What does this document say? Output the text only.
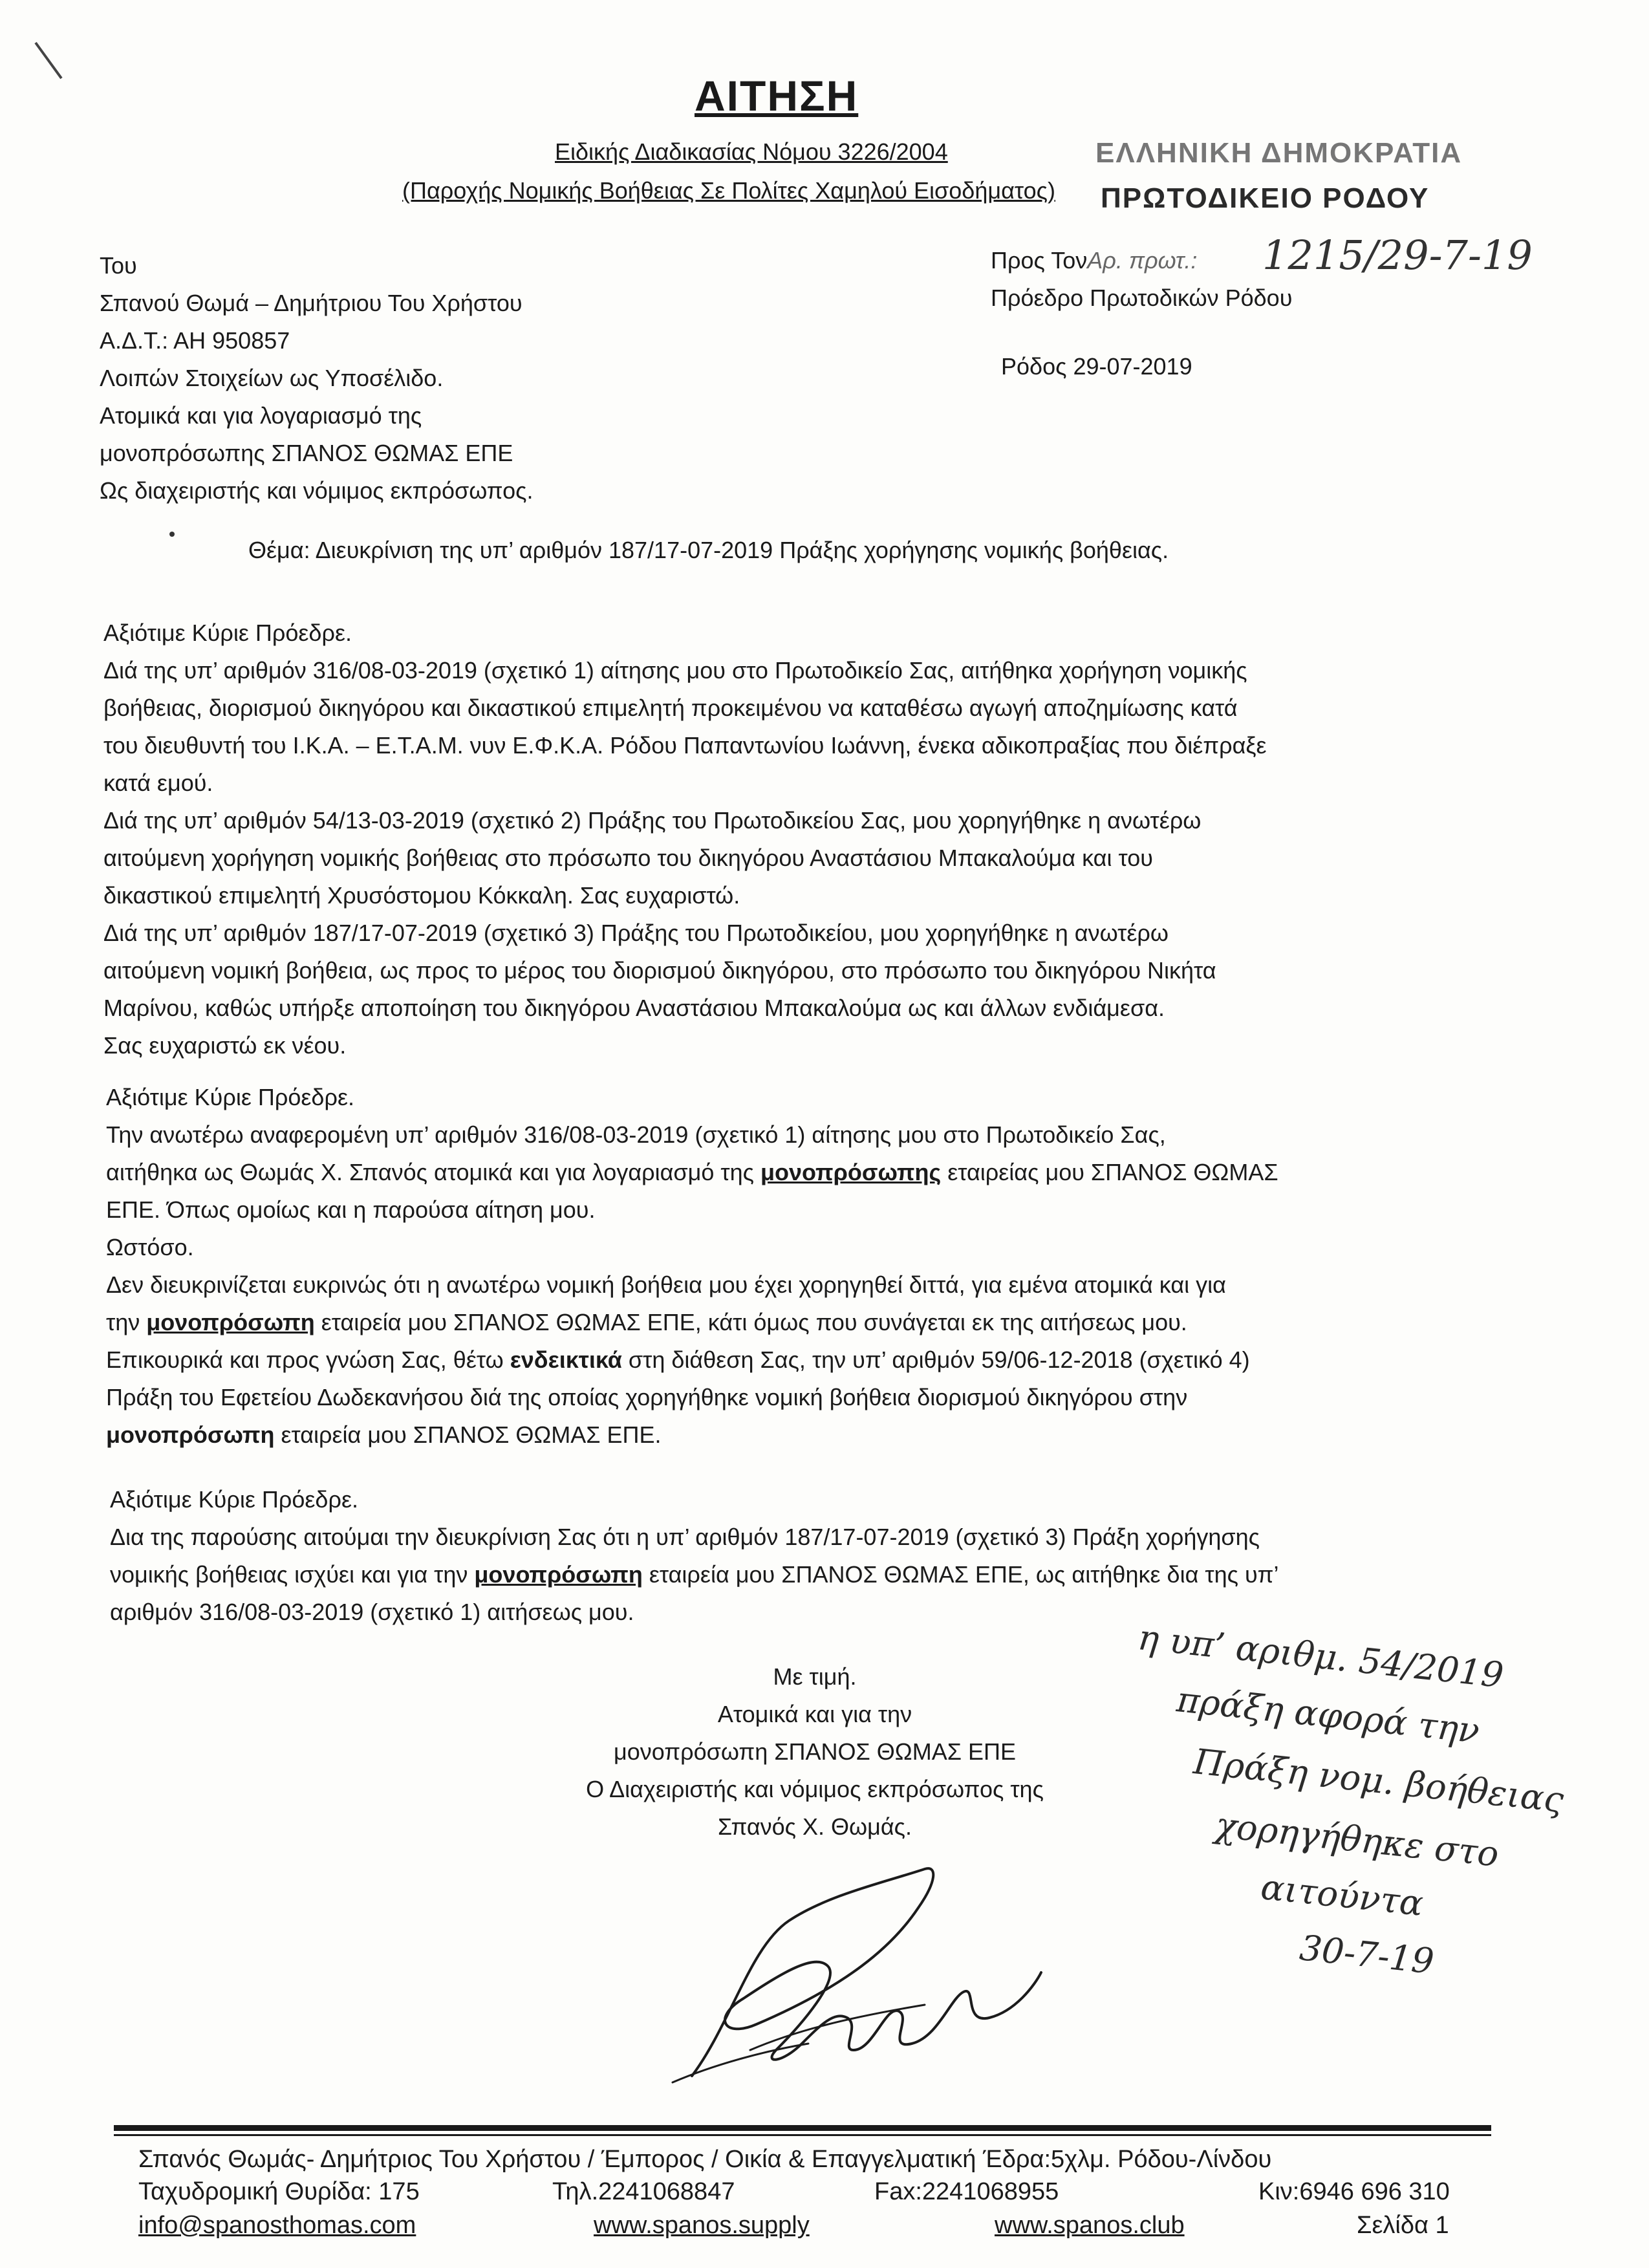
ΑΙΤΗΣΗ
Ειδικής Διαδικασίας Νόμου 3226/2004
(Παροχής Νομικής Βοήθειας Σε Πολίτες Χαμηλού Εισοδήματος)
ΕΛΛΗΝΙΚΗ ΔΗΜΟΚΡΑΤΙΑ
ΠΡΩΤΟΔΙΚΕΙΟ ΡΟΔΟΥ
Του
Σπανού Θωμά – Δημήτριου Του Χρήστου
Α.Δ.Τ.: ΑΗ 950857
Λοιπών Στοιχείων ως Υποσέλιδο.
Ατομικά και για λογαριασμό της
μονοπρόσωπης ΣΠΑΝΟΣ ΘΩΜΑΣ ΕΠΕ
Ως διαχειριστής και νόμιμος εκπρόσωπος.
Προς ΤονΑρ. πρωτ.:
Πρόεδρο Πρωτοδικών Ρόδου
1215/29-7-19
Ρόδος 29-07-2019
Θέμα: Διευκρίνιση της υπ’ αριθμόν 187/17-07-2019 Πράξης χορήγησης νομικής βοήθειας.
Αξιότιμε Κύριε Πρόεδρε.
Διά της υπ’ αριθμόν 316/08-03-2019 (σχετικό 1) αίτησης μου στο Πρωτοδικείο Σας, αιτήθηκα χορήγηση νομικής
βοήθειας, διορισμού δικηγόρου και δικαστικού επιμελητή προκειμένου να καταθέσω αγωγή αποζημίωσης κατά
του διευθυντή του Ι.Κ.Α. – Ε.Τ.Α.Μ. νυν Ε.Φ.Κ.Α. Ρόδου Παπαντωνίου Ιωάννη, ένεκα αδικοπραξίας που διέπραξε
κατά εμού.
Διά της υπ’ αριθμόν 54/13-03-2019 (σχετικό 2) Πράξης του Πρωτοδικείου Σας, μου χορηγήθηκε η ανωτέρω
αιτούμενη χορήγηση νομικής βοήθειας στο πρόσωπο του δικηγόρου Αναστάσιου Μπακαλούμα και του
δικαστικού επιμελητή Χρυσόστομου Κόκκαλη. Σας ευχαριστώ.
Διά της υπ’ αριθμόν 187/17-07-2019 (σχετικό 3) Πράξης του Πρωτοδικείου, μου χορηγήθηκε η ανωτέρω
αιτούμενη νομική βοήθεια, ως προς το μέρος του διορισμού δικηγόρου, στο πρόσωπο του δικηγόρου Νικήτα
Μαρίνου, καθώς υπήρξε αποποίηση του δικηγόρου Αναστάσιου Μπακαλούμα ως και άλλων ενδιάμεσα.
Σας ευχαριστώ εκ νέου.
Αξιότιμε Κύριε Πρόεδρε.
Την ανωτέρω αναφερομένη υπ’ αριθμόν 316/08-03-2019 (σχετικό 1) αίτησης μου στο Πρωτοδικείο Σας,
αιτήθηκα ως Θωμάς Χ. Σπανός ατομικά και για λογαριασμό της μονοπρόσωπης εταιρείας μου ΣΠΑΝΟΣ ΘΩΜΑΣ
ΕΠΕ. Όπως ομοίως και η παρούσα αίτηση μου.
Ωστόσο.
Δεν διευκρινίζεται ευκρινώς ότι η ανωτέρω νομική βοήθεια μου έχει χορηγηθεί διττά, για εμένα ατομικά και για
την μονοπρόσωπη εταιρεία μου ΣΠΑΝΟΣ ΘΩΜΑΣ ΕΠΕ, κάτι όμως που συνάγεται εκ της αιτήσεως μου.
Επικουρικά και προς γνώση Σας, θέτω ενδεικτικά στη διάθεση Σας, την υπ’ αριθμόν 59/06-12-2018 (σχετικό 4)
Πράξη του Εφετείου Δωδεκανήσου διά της οποίας χορηγήθηκε νομική βοήθεια διορισμού δικηγόρου στην
μονοπρόσωπη εταιρεία μου ΣΠΑΝΟΣ ΘΩΜΑΣ ΕΠΕ.
Αξιότιμε Κύριε Πρόεδρε.
Δια της παρούσης αιτούμαι την διευκρίνιση Σας ότι η υπ’ αριθμόν 187/17-07-2019 (σχετικό 3) Πράξη χορήγησης
νομικής βοήθειας ισχύει και για την μονοπρόσωπη εταιρεία μου ΣΠΑΝΟΣ ΘΩΜΑΣ ΕΠΕ, ως αιτήθηκε δια της υπ’
αριθμόν 316/08-03-2019 (σχετικό 1) αιτήσεως μου.
Με τιμή.
Ατομικά και για την
μονοπρόσωπη ΣΠΑΝΟΣ ΘΩΜΑΣ ΕΠΕ
Ο Διαχειριστής και νόμιμος εκπρόσωπος της
Σπανός Χ. Θωμάς.
η υπ’ αριθμ. 54/2019
πράξη αφορά την
Πράξη νομ. βοήθειας
χορηγήθηκε στο
αιτούντα
30-7-19
Σπανός Θωμάς- Δημήτριος Του Χρήστου / Έμπορος / Οικία & Επαγγελματική Έδρα:5χλμ. Ρόδου-Λίνδου
Ταχυδρομική Θυρίδα: 175	Τηλ.2241068847	Fax:2241068955	Κιν:6946 696 310
info@spanosthomas.com	www.spanos.supply	www.spanos.club	Σελίδα 1
